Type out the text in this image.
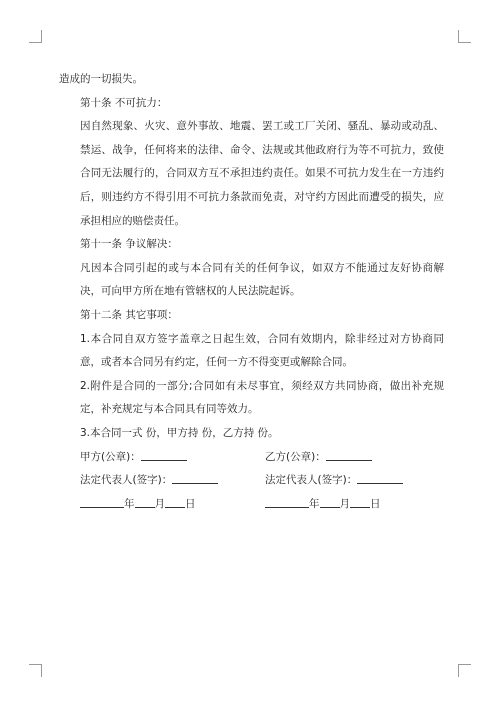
造成的一切损失。
第十条 不可抗力：
因自然现象、火灾、意外事故、地震、罢工或工厂关闭、骚乱、暴动或动乱、禁运、战争，任何将来的法律、命令、法规或其他政府行为等不可抗力，致使合同无法履行的，合同双方互不承担违约责任。如果不可抗力发生在一方违约后，则违约方不得引用不可抗力条款而免责，对守约方因此而遭受的损失，应承担相应的赔偿责任。
第十一条 争议解决：
凡因本合同引起的或与本合同有关的任何争议，如双方不能通过友好协商解决，可向甲方所在地有管辖权的人民法院起诉。
第十二条 其它事项：
1.本合同自双方签字盖章之日起生效，合同有效期内，除非经过对方协商同意，或者本合同另有约定，任何一方不得变更或解除合同。
2.附件是合同的一部分;合同如有未尽事宜，须经双方共同协商，做出补充规定，补充规定与本合同具有同等效力。
3.本合同一式 份，甲方持 份，乙方持 份。
甲方(公章)：	乙方(公章)：
法定代表人(签字)：	法定代表人(签字)：
年 月 日	年 月 日
